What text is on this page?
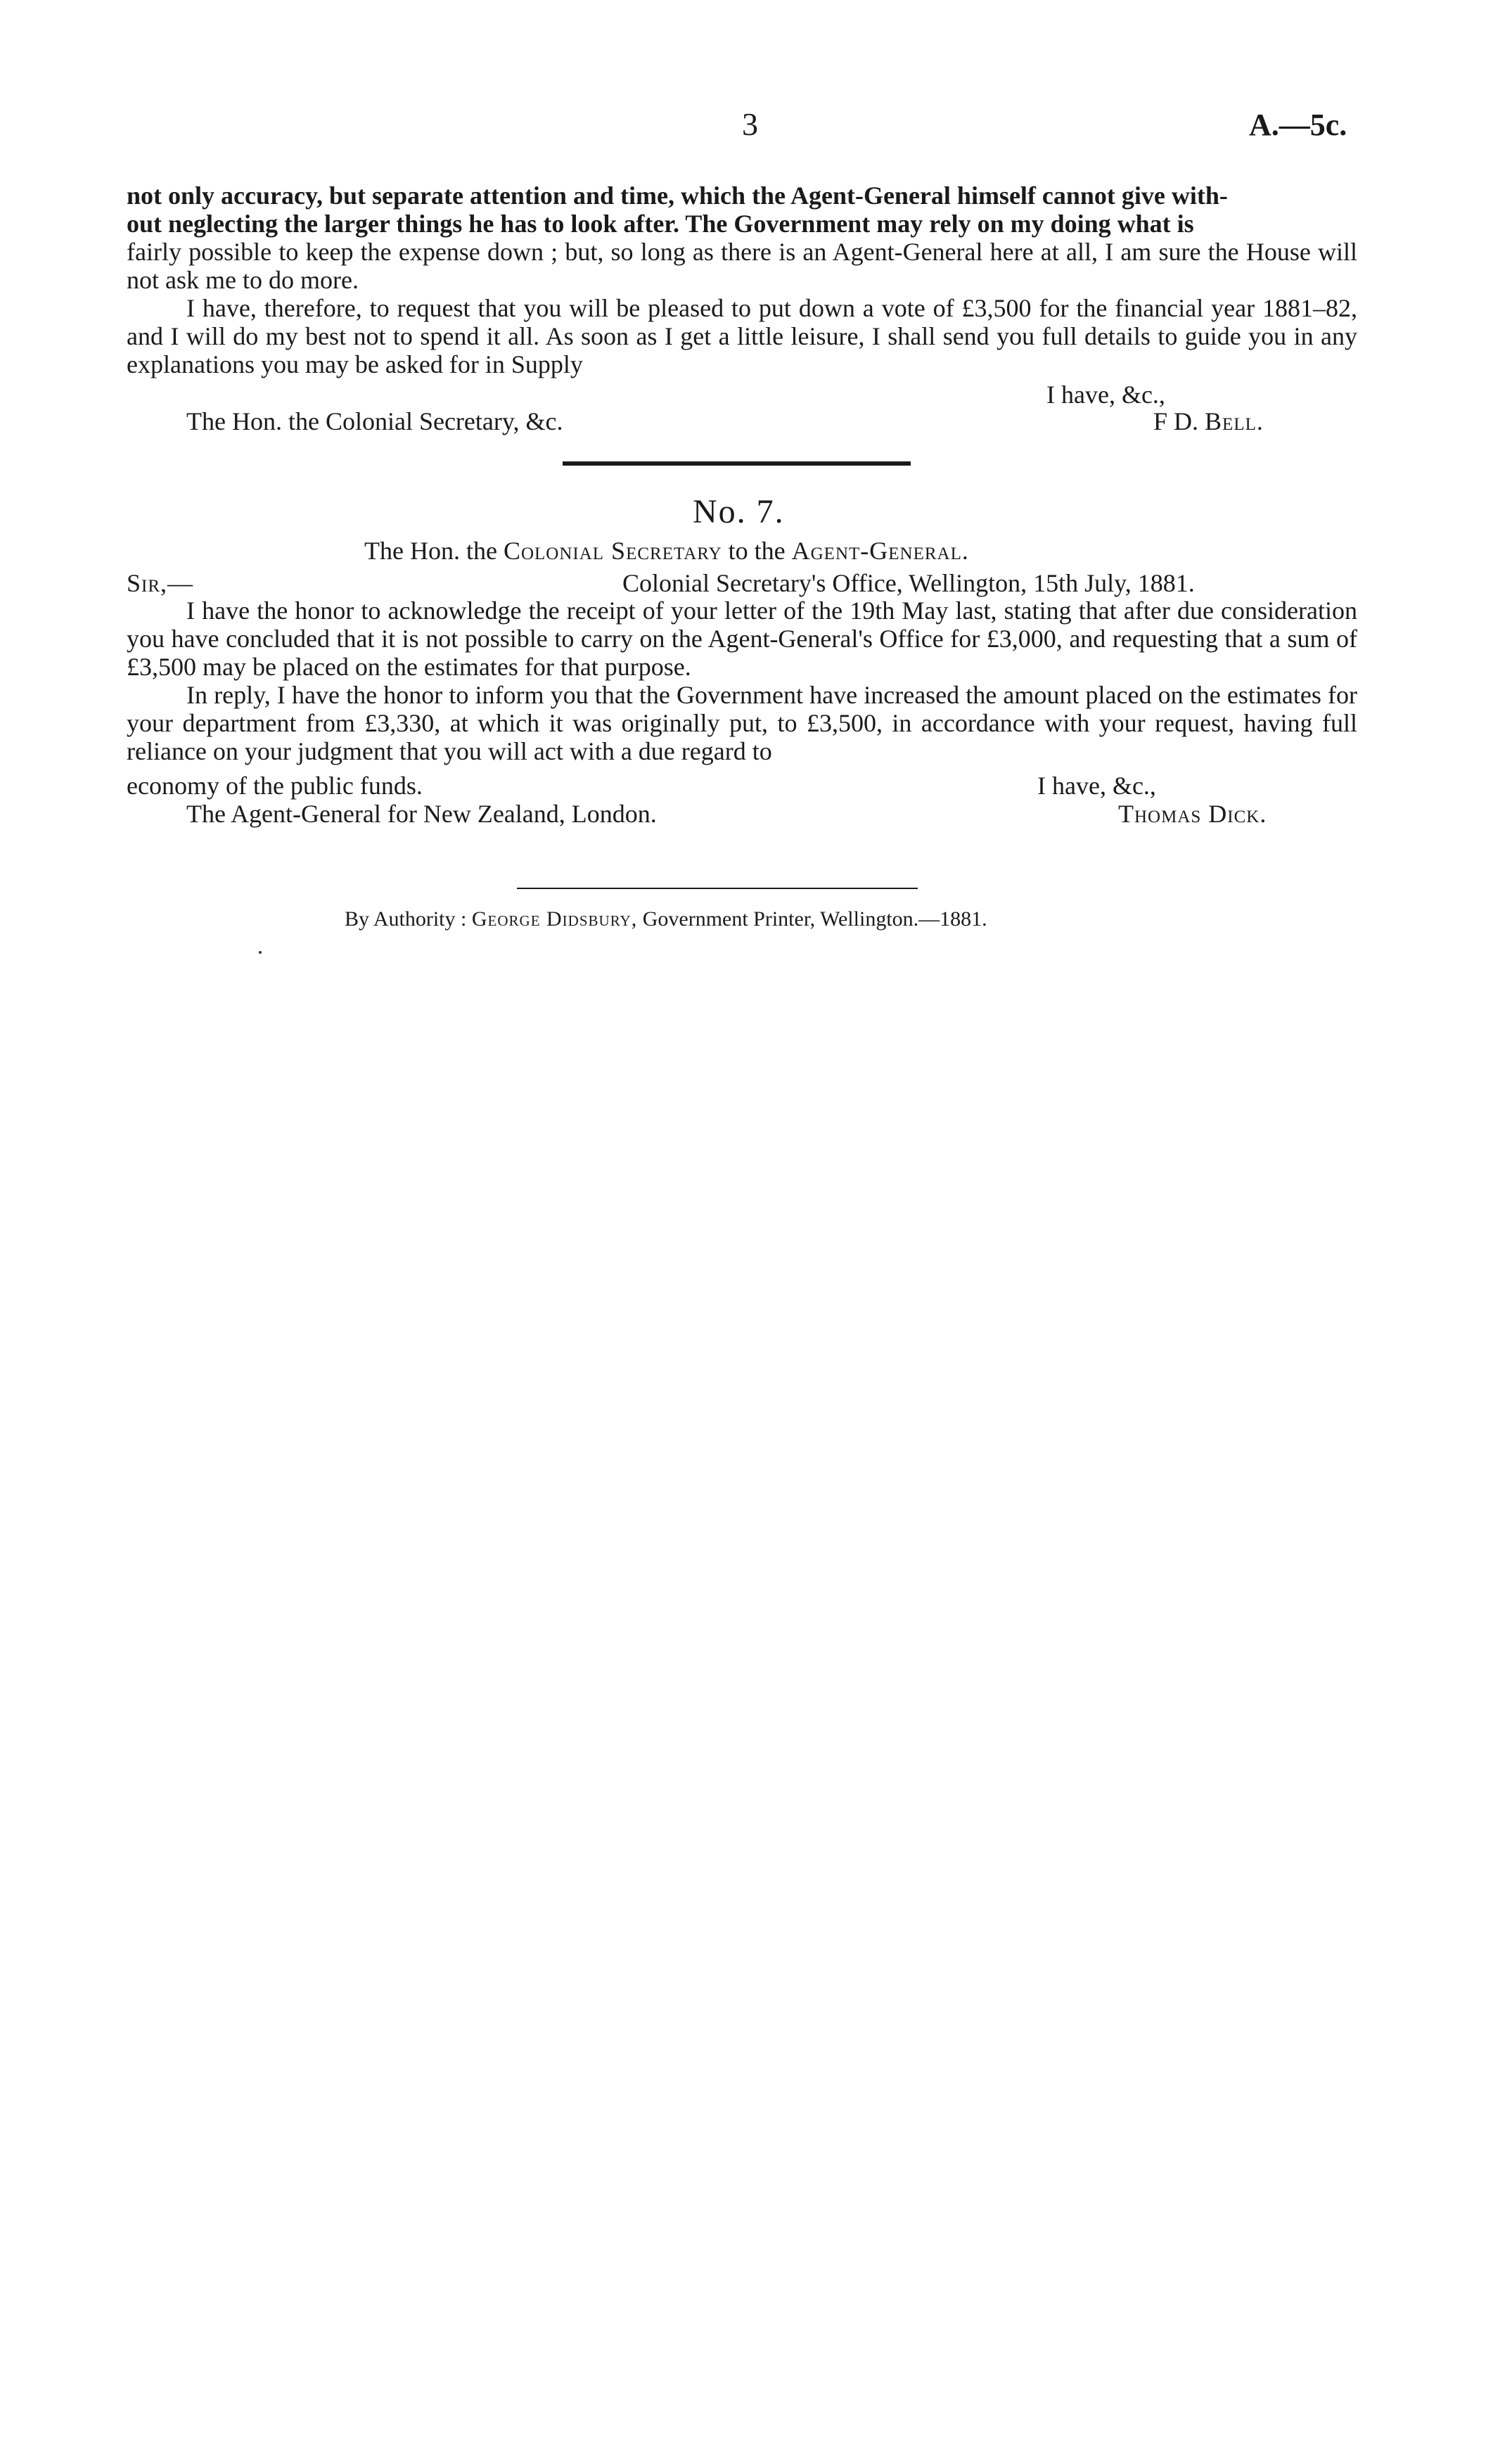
3	A.—5c.

not only accuracy, but separate attention and time, which the Agent-General himself cannot give with-

out neglecting the larger things he has to look after. The Government may rely on my doing what is

fairly possible to keep the expense down ; but, so long as there is an Agent-General here at all, I am sure the House will not ask me to do more.

I have, therefore, to request that you will be pleased to put down a vote of £3,500 for the financial year 1881–82, and I will do my best not to spend it all. As soon as I get a little leisure, I shall send you full details to guide you in any explanations you may be asked for in Supply

I have, &c.,
The Hon. the Colonial Secretary, &c.	F D. Bell.
No. 7.
The Hon. the Colonial Secretary to the Agent-General.
Sir,—	Colonial Secretary's Office, Wellington, 15th July, 1881.

I have the honor to acknowledge the receipt of your letter of the 19th May last, stating that after due consideration you have concluded that it is not possible to carry on the Agent-General's Office for £3,000, and requesting that a sum of £3,500 may be placed on the estimates for that purpose.

In reply, I have the honor to inform you that the Government have increased the amount placed on the estimates for your department from £3,330, at which it was originally put, to £3,500, in accordance with your request, having full reliance on your judgment that you will act with a due regard to

economy of the public funds.	I have, &c.,
The Agent-General for New Zealand, London.	Thomas Dick.
By Authority : George Didsbury, Government Printer, Wellington.—1881.
